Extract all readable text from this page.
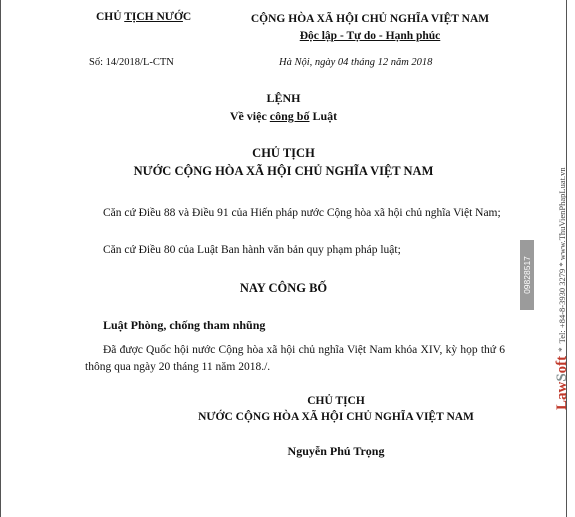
CHỦ TỊCH NƯỚC	CỘNG HÒA XÃ HỘI CHỦ NGHĨA VIỆT NAM
Độc lập - Tự do - Hạnh phúc
Số: 14/2018/L-CTN	Hà Nội, ngày 04 tháng 12 năm 2018
LỆNH
Về việc công bố Luật
CHỦ TỊCH
NƯỚC CỘNG HÒA XÃ HỘI CHỦ NGHĨA VIỆT NAM
Căn cứ Điều 88 và Điều 91 của Hiến pháp nước Cộng hòa xã hội chủ nghĩa Việt Nam;
Căn cứ Điều 80 của Luật Ban hành văn bản quy phạm pháp luật;
NAY CÔNG BỐ
Luật Phòng, chống tham nhũng
Đã được Quốc hội nước Cộng hòa xã hội chủ nghĩa Việt Nam khóa XIV, kỳ họp thứ 6 thông qua ngày 20 tháng 11 năm 2018./.
CHỦ TỊCH
NƯỚC CỘNG HÒA XÃ HỘI CHỦ NGHĨA VIỆT NAM
Nguyễn Phú Trọng
09828517
Law
S
oft
*
Tel: +84-8-3930 3279 * www.ThuVienPhapLuat.vn
